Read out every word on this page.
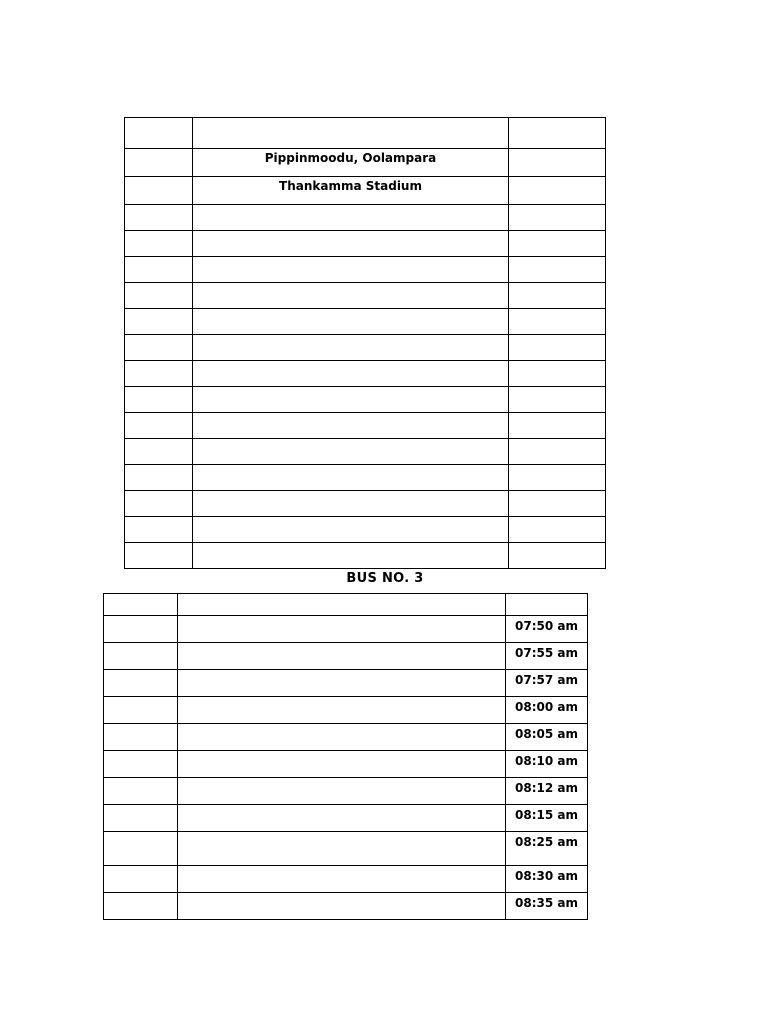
	Pippinmoodu, Oolampara	
	Thankamma Stadium	

BUS NO. 3

		07:50 am
		07:55 am
		07:57 am
		08:00 am
		08:05 am
		08:10 am
		08:12 am
		08:15 am
		08:25 am
		08:30 am
		08:35 am
